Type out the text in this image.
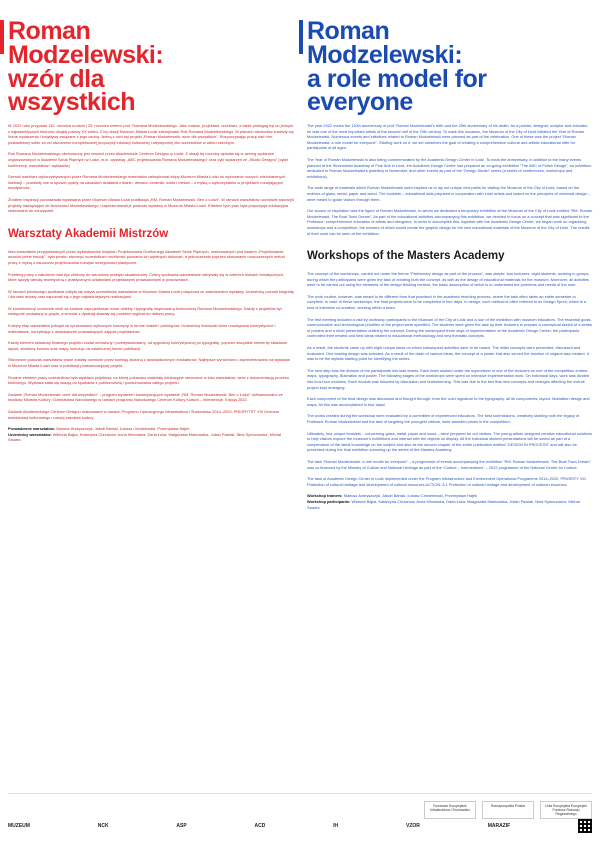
Roman
Modzelewski:
wzór dla
wszystkich

W 2022 roku przypada 110. rocznica urodzin i 25. rocznica śmierci prof. Romana Modzelewskiego. Jako malarz, projektant, rzeźbiarz, a także pedagog był on jednym z najważniejszych twórców drugiej połowy XX wieku. Z tej okazji Muzeum Miasta Łodzi zainicjowało Rok Romana Modzelewskiego. W planach obchodów znalazły się liczne wydarzenia i inicjatywy związane z jego osobą. Jedną z nich był projekt „Roman Modzelewski: wzór dla wszystkich”. Rozpoczynając pracę nad nim, postawiliśmy sobie za cel stworzenie kompleksowej propozycji edukacji kulturalnej i artystycznej dla uczestników w wieku szkolnym.

Rok Romana Modzelewskiego obchodzony jest również przez Akademickie Centrum Designu w Łodzi. Z okazji tej rocznicy wpisała się w szereg wydarzeń organizowanych w Akademii Sztuk Pięknych w Łodzi, m.in. wystawę „ABC projektowania Romana Modzelewskiego” oraz cykl wydarzeń ze „Studio Designu” (cykle konferencji, warsztatów i wykładów).

Szeroki wachlarz wykorzystywanych przez Romana Modzelewskiego materiałów zainspirował ekipę Muzeum Miasta Łodzi do wykonania nowych, wielobarwnych ilustracji – powstały one w sposób oparty na zasadach działania z tkanin, drewna, ceramiki, szkła i metalu – z myślą o wykorzystaniu w projektach rozwijających kreatywność.

Źródłem inspiracji pozostawała wydawana przez Muzeum Miasta Łodzi publikacja „RM. Roman Modzelewski. Ben o Łodzi”. W ramach warsztatów uczniowie stworzyli projekty nawiązujące do twórczości Modzelewskiego i zaprezentowali je podczas wystawy w Muzeum Miasta Łodzi. Efektem tych prac była propozycja edukacyjna skierowana do nauczycieli.

Warsztaty Akademii Mistrzów

Idea warsztatów przygotowanych przez wykładowców Instytutu Projektowania Graficznego Akademii Sztuk Pięknych, realizowanych pod hasłem „Projektowanie wzorów pełne emocji”, była prosta: stworzyć uczestnikom możliwość poznania ich wybitnych dokonań, a jednocześnie poprzez stosowanie nowoczesnych metod pracy z myślą o nauczaniu projektowania rozwijać umiejętności plastyczne.

Przebieg pracy z założenia miał być zbliżony do warunków praktyki akademickiej. Cztery spotkania warsztatowe odbywały się w czterech blokach tematycznych, które łączyły wiedzę teoretyczną z praktycznymi działaniami projektowymi prowadzonymi w pracowniach.

W ramach pierwszego spotkania odbyła się wizyta uczestników warsztatów w Muzeum Miasta Łodzi połączona ze zwiedzaniem wystawy. Uczestnicy poznali biografię i dorobek artysty oraz zapoznali się z jego najważniejszymi realizacjami.

W konsekwencji uczniowie mieli za zadanie zaprojektować nowe obiekty i typografię inspirowaną twórczością Romana Modzelewskiego. Każdy z projektów był następnie omawiany w grupie, a wnioski z dyskusji stawały się punktem wyjścia do dalszej pracy.

Kolejny etap warsztatów polegał na opracowaniu wybranych koncepcji w formie makiet i prototypów. Uczestnicy testowali różne rozwiązania kolorystyczne i materiałowe, korzystając z doświadczeń prowadzących zajęcia projektantów.

Każdy element składowy finalnego projektu został omówiony i przedyskutowany: od sygnatury kolorystycznej po typografię, poprzez wszystkie elementy składowe, layout, strukturę kursów oraz mapy, kończąc na ostatecznej formie publikacji.

Stworzone podczas warsztatów prace zostały ocenione przez komisję złożoną z doświadczonych edukatorów. Najlepsze wyróżniono i zaprezentowano na wystawie w Muzeum Miasta Łodzi oraz w publikacji podsumowującej projekt.

Finalnie efektem pracy uczestników była wystawa projektów, na której pokazano materiały edukacyjne stworzone w toku warsztatów, wraz z dokumentacją procesu twórczego. Wystawa stała się okazją do spotkania z publicznością i podsumowania całego projektu.

Zadanie „Roman Modzelewski: wzór dla wszystkich” – program wydarzeń towarzyszących wystawie „RM. Roman Modzelewski. Ben o Łodzi” dofinansowano ze środków Ministra Kultury i Dziedzictwa Narodowego w ramach programu Narodowego Centrum Kultury Kultura – Interwencje. Edycja 2022.

Zadanie Akademickiego Centrum Designu realizowane w ramach Programu Operacyjnego Infrastruktura i Środowisko 2014–2020, PRIORYTET VIII Ochrona dziedzictwa kulturowego i rozwój zasobów kultury.

Prowadzenie warsztatów: Mariusz Andryszczyk, Jakub Bański, Łukasz Chmielewski, Przemysław Hajek

Uczestnicy warsztatów: Wiktoria Bajka, Katarzyna Chrzanów, Anna Klinowska, Daria Łuka, Małgorzata Markowska, Julian Pawlak, Nina Symonowicz, Michał Szwarc

Roman
Modzelewski:
a role model for
everyone

The year 2022 marks the 110th anniversary of prof. Roman Modzelewski's birth and the 25th anniversary of his death. As a painter, designer, sculptor and educator, he was one of the most important artists of the second half of the 20th century. To mark this occasion, the Museum of the City of Łódź initiated the Year of Roman Modzelewski. Numerous events and initiatives related to Roman Modzelewski were planned as part of the celebration. One of these was the project “Roman Modzelewski: a role model for everyone”. Starting work on it, we set ourselves the goal of creating a comprehensive cultural and artistic educational offer for participants of all ages.

The Year of Roman Modzelewski is also being commemorated by the Academic Design Center in Łódź. To mark the anniversary, in addition to the many events planned at the Strzemiński Academy of Fine Arts in Łódź, the Academic Design Center has prepared an on-going exhibition “The ABC of Polish Design”, an exhibition dedicated to Roman Modzelewski's jewellery in November, and other events as part of the “Design Studio” series (a series of conferences, workshops and exhibitions).

The wide range of materials which Roman Modzelewski used inspired us to lay out unique new paths for visiting the Museum of the City of Łódź, based on the motives of glass, metal, paper and wood. The booklets – educational aids prepared in cooperation with Łódź artists and based on the principles of universal design – were meant to guide visitors through them.

Our source of inspiration was the figure of Roman Modzelewski, to whom we dedicated a temporary exhibition at the Museum of the City of Łódź entitled “RM. Roman Modzelewski. The Boat Town Dream”. As part of the educational activities accompanying this exhibition, we decided to focus on a concept that was significant to the Professor: comprehensive education of artists and designers. In order to accomplish this, together with the Academic Design Center, we began work on organising workshops and a competition, the winners of which would create the graphic design for the new educational materials of the Museum of the City of Łódź. The results of their work can be seen at the exhibition.

Workshops of the Masters Academy

The concept of the workshops, carried out under the theme “Preliminary design as part of the process”, was simple: four lecturers, eight students, working in groups, during which the participants were given the task of creating both the concept, as well as the design of educational materials for the museum. Moreover, all activities were to be carried out using the elements of the design thinking method, the basic assumption of which is to understand the problems and needs of the user.

The work routine, however, was meant to be different from that practised in the academic teaching process, where the task often takes an entire semester to complete. In case of these workshops, the final projects were to be completed in four days. In design, such method is often referred to as Design Sprint, which is a kind of intensive co-creation, working within a team.

The first meeting included a visit by workshop participants to the Museum of the City of Łódź and a tour of the exhibition with museum educators. The essential goals, communicative and technological priorities of the project were specified. The students were given the task by their lecturers to prepare a conceptual sketch of a series of posters and a short presentation outlining the concept. During the subsequent three days of implementation at the Academic Design Center, the participants confronted their newest and best ideas related to educational methodology and new thematic concepts.

As a result, the students came up with eight unique ideas on which subsequent activities were to be based. The initial concepts were presented, discussed and evaluated. One leading design was selected. As a result of the clash of various ideas, the concept of a poster that also served the function of origami was created. It was to be the stylistic starting point for identifying the series.

The next step was the division of the participants into task teams. Each team worked under the supervision of one of the lecturers on one of the competition entries: maps, typography, illustration and poster. The following stages of the workshops were spent on intensive implementation work. On individual days, work was divided into four-hour modules. Each module was followed by discussion and brainstorming. This was due to the fact that new concepts and changes affecting the overall project kept emerging.

Each component of the final design was discussed and thought through: from the color signature to the typography, all its components, layout, illustration design and maps. All this was accomplished in four days!

The works created during the workshop were evaluated by a committee of experienced educators. The best submissions, creatively tackling both the legacy of Professor Roman Modzelewski and the task of targeting the youngest visitors, were awarded prizes in the competition.

Ultimately, four unique booklets – concerning glass, metal, paper and wood – were prepared for our visitors. The young artists designed creative educational solutions to help visitors explore the museum's exhibitions and interact with the objects on display. All the individual student presentations will be saved as part of a compendium of the latest knowledge on the subject and also as the second chapter of the entire publication entitled “DESIGN IN PROCESS” and will also be presented during the final exhibition summing up the series of the Masters Academy.

The task “Roman Modzelewski: a role model for everyone” – a programme of events accompanying the exhibition “RM. Roman Modzelewski. The Boat Town Dream” was co-financed by the Ministry of Culture and National Heritage as part of the “Culture – Interventions” – 2022 programme of the National Centre for Culture.

The task of Academic Design Center in Łódź implemented under the Program Infrastructure and Environment Operational Programme 2014–2020, PRIORITY VIII Protection of cultural heritage and development of cultural resources ACTION: 8.1 Protection of cultural heritage and development of cultural resources.

Workshop trainers: Mariusz Andryszczyk, Jakub Bański, Łukasz Chmielewski, Przemysław Hajek

Workshop participants: Wiktoria Bajka, Katarzyna Chrzanów, Anna Klinowska, Daria Łuka, Małgorzata Markowska, Julian Pawlak, Nina Symonowicz, Michał Szwarc

Fundusze Europejskie Infrastruktura i Środowisko
Rzeczpospolita Polska	Unia Europejska Europejski Fundusz Rozwoju Regionalnego
MUZEUM	NCK	ASP	ACD	IH	VZOR	MARAZIF
